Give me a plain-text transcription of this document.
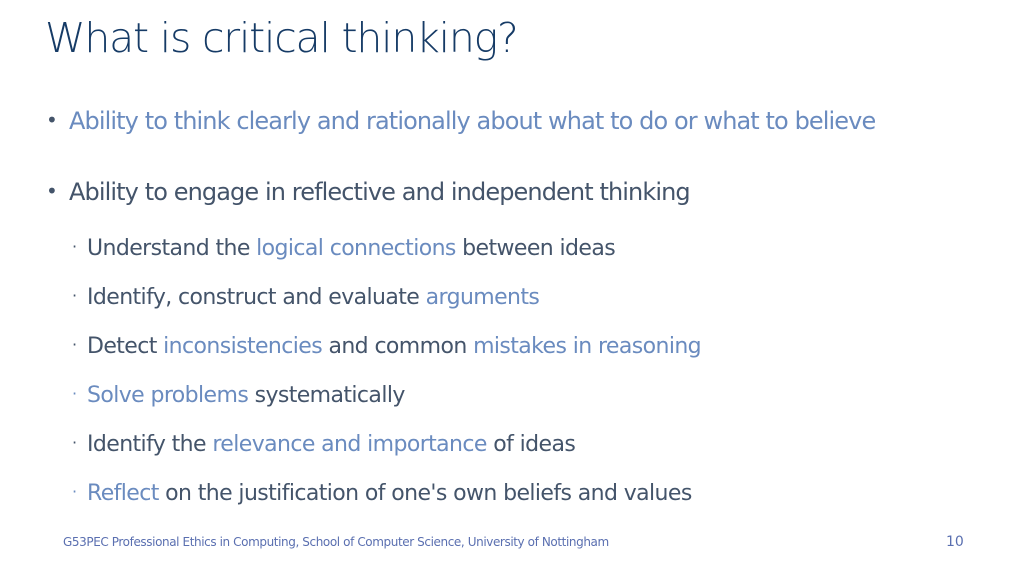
What is critical thinking?
• Ability to think clearly and rationally about what to do or what to believe
• Ability to engage in reflective and independent thinking
· Understand the logical connections between ideas
· Identify, construct and evaluate arguments
· Detect inconsistencies and common mistakes in reasoning
· Solve problems systematically
· Identify the relevance and importance of ideas
· Reflect on the justification of one's own beliefs and values
G53PEC Professional Ethics in Computing, School of Computer Science, University of Nottingham	10
